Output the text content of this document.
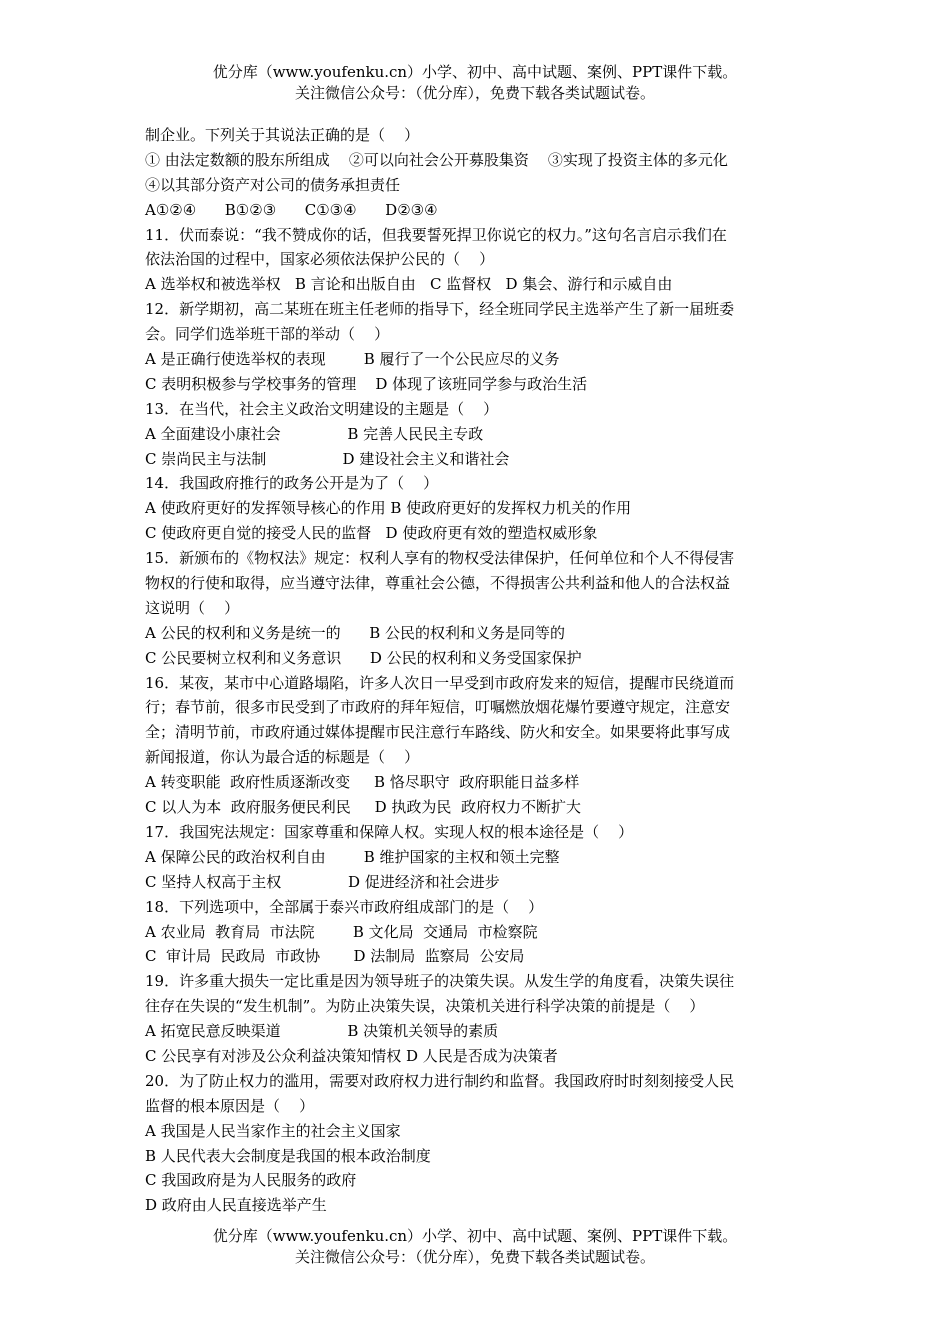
优分库（www.youfenku.cn）小学、初中、高中试题、案例、PPT课件下载。
关注微信公众号：（优分库），免费下载各类试题试卷。
制企业。下列关于其说法正确的是（    ）
① 由法定数额的股东所组成    ②可以向社会公开募股集资    ③实现了投资主体的多元化
④以其部分资产对公司的债务承担责任
A①②④      B①②③      C①③④      D②③④
11．伏而泰说：“我不赞成你的话，但我要誓死捍卫你说它的权力。”这句名言启示我们在
依法治国的过程中，国家必须依法保护公民的（    ）
A 选举权和被选举权   B 言论和出版自由   C 监督权   D 集会、游行和示威自由
12．新学期初，高二某班在班主任老师的指导下，经全班同学民主选举产生了新一届班委
会。同学们选举班干部的举动（    ）
A 是正确行使选举权的表现        B 履行了一个公民应尽的义务
C 表明积极参与学校事务的管理    D 体现了该班同学参与政治生活
13．在当代，社会主义政治文明建设的主题是（    ）
A 全面建设小康社会              B 完善人民民主专政
C 崇尚民主与法制                D 建设社会主义和谐社会
14．我国政府推行的政务公开是为了（    ）
A 使政府更好的发挥领导核心的作用 B 使政府更好的发挥权力机关的作用
C 使政府更自觉的接受人民的监督   D 使政府更有效的塑造权威形象
15．新颁布的《物权法》规定：权利人享有的物权受法律保护，任何单位和个人不得侵害
物权的行使和取得，应当遵守法律，尊重社会公德，不得损害公共利益和他人的合法权益
这说明（    ）
A 公民的权利和义务是统一的      B 公民的权利和义务是同等的
C 公民要树立权利和义务意识      D 公民的权利和义务受国家保护
16．某夜，某市中心道路塌陷，许多人次日一早受到市政府发来的短信，提醒市民绕道而
行；春节前，很多市民受到了市政府的拜年短信，叮嘱燃放烟花爆竹要遵守规定，注意安
全；清明节前，市政府通过媒体提醒市民注意行车路线、防火和安全。如果要将此事写成
新闻报道，你认为最合适的标题是（    ）
A 转变职能  政府性质逐渐改变     B 恪尽职守  政府职能日益多样
C 以人为本  政府服务便民利民     D 执政为民  政府权力不断扩大
17．我国宪法规定：国家尊重和保障人权。实现人权的根本途径是（    ）
A 保障公民的政治权利自由        B 维护国家的主权和领土完整
C 坚持人权高于主权              D 促进经济和社会进步
18．下列选项中，全部属于泰兴市政府组成部门的是（    ）
A 农业局  教育局  市法院        B 文化局  交通局  市检察院
C  审计局  民政局  市政协       D 法制局  监察局  公安局
19．许多重大损失一定比重是因为领导班子的决策失误。从发生学的角度看，决策失误往
往存在失误的“发生机制”。为防止决策失误，决策机关进行科学决策的前提是（    ）
A 拓宽民意反映渠道              B 决策机关领导的素质
C 公民享有对涉及公众利益决策知情权 D 人民是否成为决策者
20．为了防止权力的滥用，需要对政府权力进行制约和监督。我国政府时时刻刻接受人民
监督的根本原因是（    ）
A 我国是人民当家作主的社会主义国家
B 人民代表大会制度是我国的根本政治制度
C 我国政府是为人民服务的政府
D 政府由人民直接选举产生
优分库（www.youfenku.cn）小学、初中、高中试题、案例、PPT课件下载。
关注微信公众号：（优分库），免费下载各类试题试卷。
